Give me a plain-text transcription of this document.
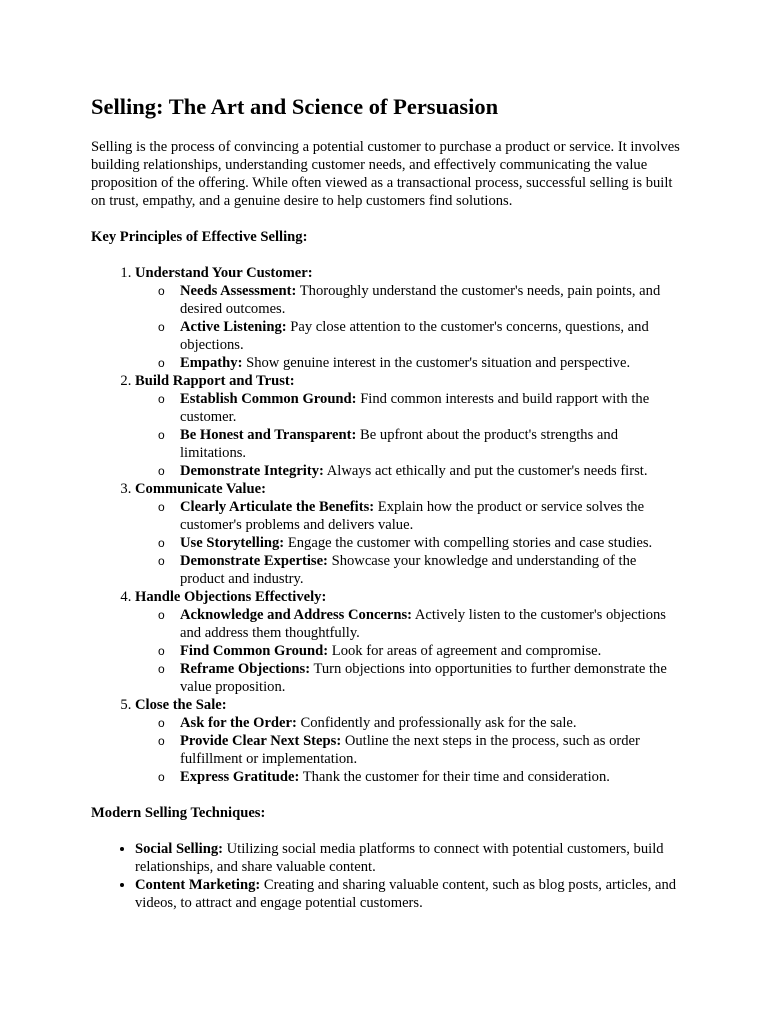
Selling: The Art and Science of Persuasion

Selling is the process of convincing a potential customer to purchase a product or service. It involves building relationships, understanding customer needs, and effectively communicating the value proposition of the offering. While often viewed as a transactional process, successful selling is built on trust, empathy, and a genuine desire to help customers find solutions.

Key Principles of Effective Selling:

1. Understand Your Customer:
o Needs Assessment: Thoroughly understand the customer's needs, pain points, and desired outcomes.
o Active Listening: Pay close attention to the customer's concerns, questions, and objections.
o Empathy: Show genuine interest in the customer's situation and perspective.
2. Build Rapport and Trust:
o Establish Common Ground: Find common interests and build rapport with the customer.
o Be Honest and Transparent: Be upfront about the product's strengths and limitations.
o Demonstrate Integrity: Always act ethically and put the customer's needs first.
3. Communicate Value:
o Clearly Articulate the Benefits: Explain how the product or service solves the customer's problems and delivers value.
o Use Storytelling: Engage the customer with compelling stories and case studies.
o Demonstrate Expertise: Showcase your knowledge and understanding of the product and industry.
4. Handle Objections Effectively:
o Acknowledge and Address Concerns: Actively listen to the customer's objections and address them thoughtfully.
o Find Common Ground: Look for areas of agreement and compromise.
o Reframe Objections: Turn objections into opportunities to further demonstrate the value proposition.
5. Close the Sale:
o Ask for the Order: Confidently and professionally ask for the sale.
o Provide Clear Next Steps: Outline the next steps in the process, such as order fulfillment or implementation.
o Express Gratitude: Thank the customer for their time and consideration.

Modern Selling Techniques:

• Social Selling: Utilizing social media platforms to connect with potential customers, build relationships, and share valuable content.
• Content Marketing: Creating and sharing valuable content, such as blog posts, articles, and videos, to attract and engage potential customers.
